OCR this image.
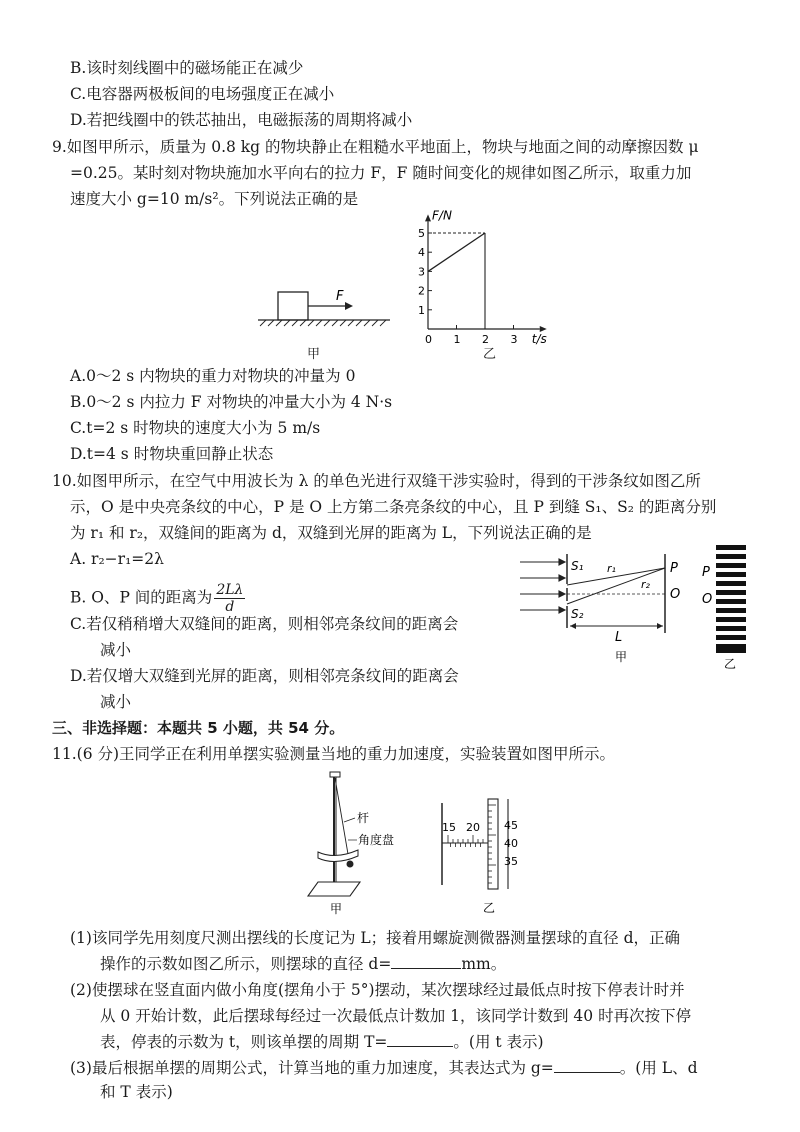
B.该时刻线圈中的磁场能正在减少
C.电容器两极板间的电场强度正在减小
D.若把线圈中的铁芯抽出，电磁振荡的周期将减小
9.如图甲所示，质量为 0.8 kg 的物块静止在粗糙水平地面上，物块与地面之间的动摩擦因数 μ
=0.25。某时刻对物块施加水平向右的拉力 F，F 随时间变化的规律如图乙所示，取重力加
速度大小 g=10 m/s²。下列说法正确的是
F
甲
F/N
t/s
1
2
3
4
5
0 1 2 3
乙
A.0～2 s 内物块的重力对物块的冲量为 0
B.0～2 s 内拉力 F 对物块的冲量大小为 4 N·s
C.t=2 s 时物块的速度大小为 5 m/s
D.t=4 s 时物块重回静止状态
10.如图甲所示，在空气中用波长为 λ 的单色光进行双缝干涉实验时，得到的干涉条纹如图乙所
示，O 是中央亮条纹的中心，P 是 O 上方第二条亮条纹的中心，且 P 到缝 S₁、S₂ 的距离分别
为 r₁ 和 r₂，双缝间的距离为 d，双缝到光屏的距离为 L，下列说法正确的是
A. r₂−r₁=2λ
B. O、P 间的距离为 $\frac{2L\lambda}{d}$
C.若仅稍稍增大双缝间的距离，则相邻亮条纹间的距离会
减小
D.若仅增大双缝到光屏的距离，则相邻亮条纹间的距离会
减小
S₁
S₂
r₁
r₂
P
O
L
甲
P
O
乙
三、非选择题：本题共 5 小题，共 54 分。
11.(6 分)王同学正在利用单摆实验测量当地的重力加速度，实验装置如图甲所示。
杆
角度盘
甲
15 20 45
40
35
乙
(1)该同学先用刻度尺测出摆线的长度记为 L；接着用螺旋测微器测量摆球的直径 d，正确
操作的示数如图乙所示，则摆球的直径 d=	mm。
(2)使摆球在竖直面内做小角度(摆角小于 5°)摆动，某次摆球经过最低点时按下停表计时并
从 0 开始计数，此后摆球每经过一次最低点计数加 1，该同学计数到 40 时再次按下停
表，停表的示数为 t，则该单摆的周期 T=	。(用 t 表示)
(3)最后根据单摆的周期公式，计算当地的重力加速度，其表达式为 g=	。(用 L、d
和 T 表示)
